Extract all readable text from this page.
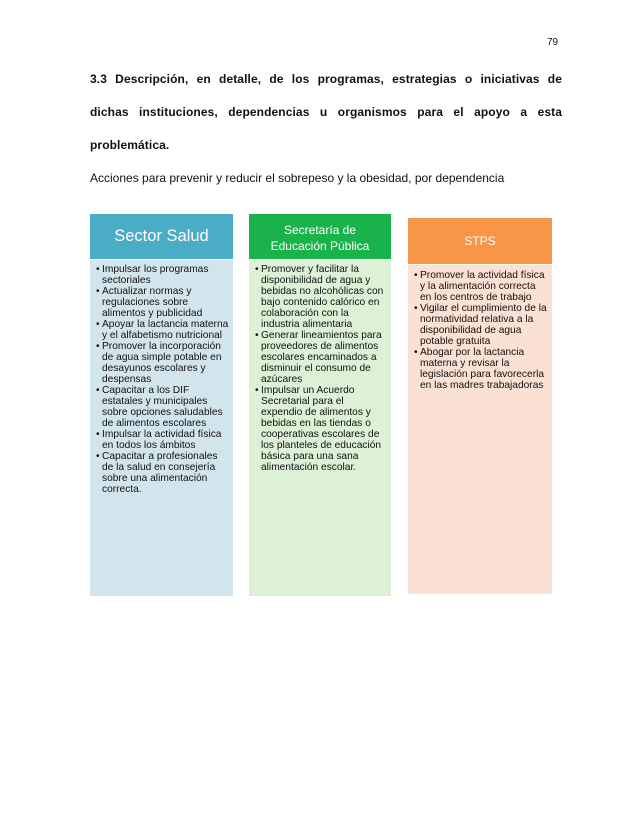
79

3.3 Descripción, en detalle, de los programas, estrategias o iniciativas de

dichas instituciones, dependencias u organismos para el apoyo a esta

problemática.

Acciones para prevenir y reducir el sobrepeso y la obesidad, por dependencia
Sector Salud
• Impulsar los programas sectoriales
• Actualizar normas y regulaciones sobre alimentos y publicidad
• Apoyar la lactancia materna y el alfabetismo nutricional
• Promover la incorporación de agua simple potable en desayunos escolares y despensas
• Capacitar a los DIF estatales y municipales sobre opciones saludables de alimentos escolares
• Impulsar la actividad física en todos los ámbitos
• Capacitar a profesionales de la salud en consejería sobre una alimentación correcta.
Secretaría de
Educación Pública
• Promover y facilitar la disponibilidad de agua y bebidas no alcohólicas con bajo contenido calórico en colaboración con la industria alimentaria
• Generar lineamientos para proveedores de alimentos escolares encaminados a disminuir el consumo de azúcares
• Impulsar un Acuerdo Secretarial para el expendio de alimentos y bebidas en las tiendas o cooperativas escolares de los planteles de educación básica para una sana alimentación escolar.
STPS
• Promover la actividad física y la alimentación correcta en los centros de trabajo
• Vigilar el cumplimiento de la normatividad relativa a la disponibilidad de agua potable gratuita
• Abogar por la lactancia materna y revisar la legislación para favorecerla en las madres trabajadoras
